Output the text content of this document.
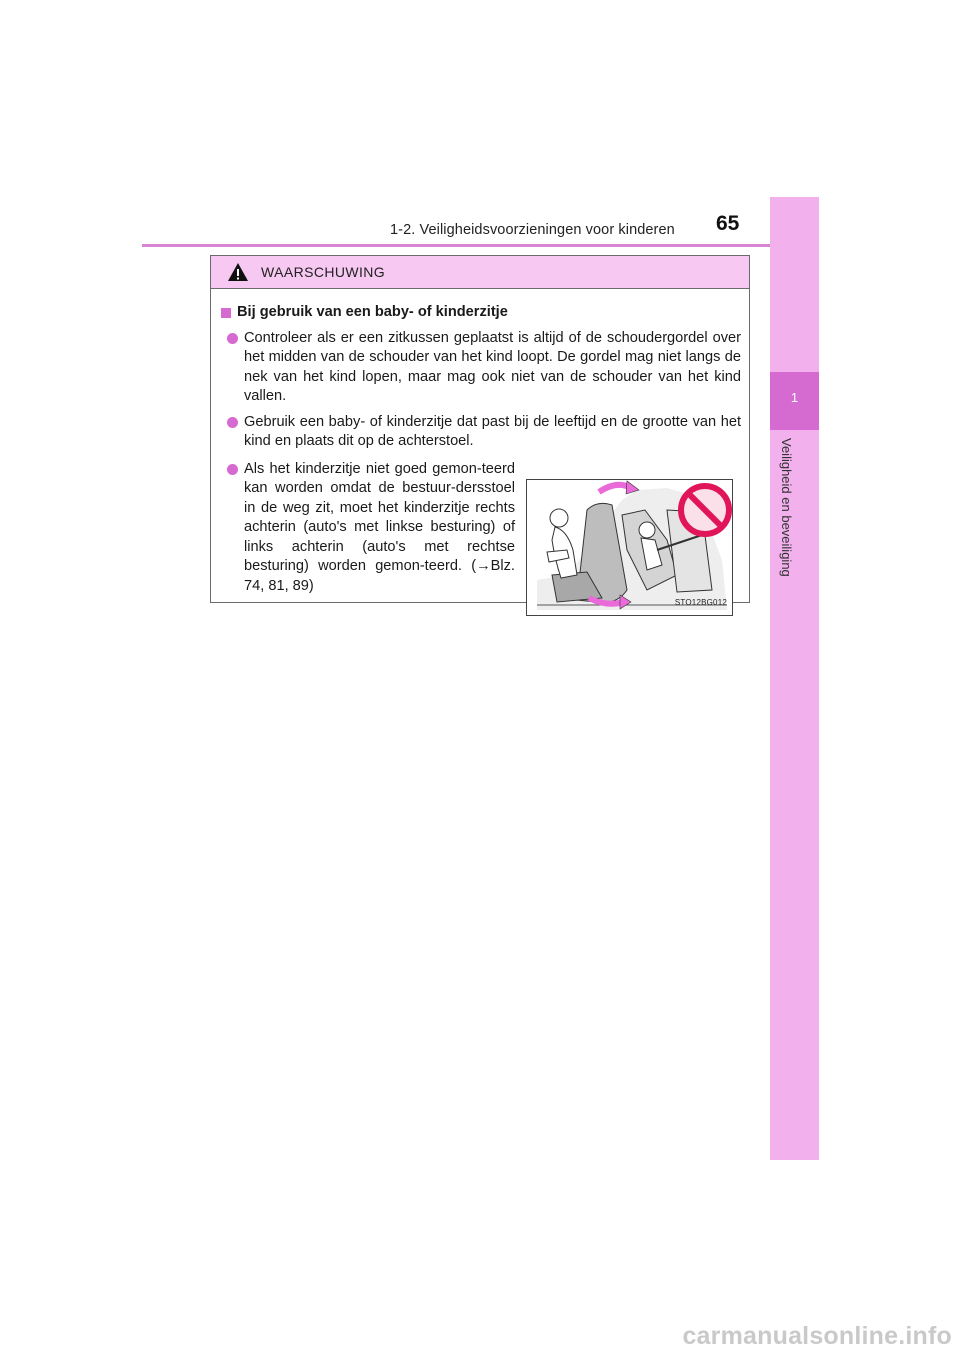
1-2. Veiligheidsvoorzieningen voor kinderen	65
1
Veiligheid en beveiliging
WAARSCHUWING
Bij gebruik van een baby- of kinderzitje
Controleer als er een zitkussen geplaatst is altijd of de schoudergordel over het midden van de schouder van het kind loopt. De gordel mag niet langs de nek van het kind lopen, maar mag ook niet van de schouder van het kind vallen.
Gebruik een baby- of kinderzitje dat past bij de leeftijd en de grootte van het kind en plaats dit op de achterstoel.
Als het kinderzitje niet goed gemon-teerd kan worden omdat de bestuur-dersstoel in de weg zit, moet het kinderzitje rechts achterin (auto's met linkse besturing) of links achterin (auto's met rechtse besturing) worden gemon-teerd. (→Blz. 74, 81, 89)
STO12BG012
carmanualsonline.info
